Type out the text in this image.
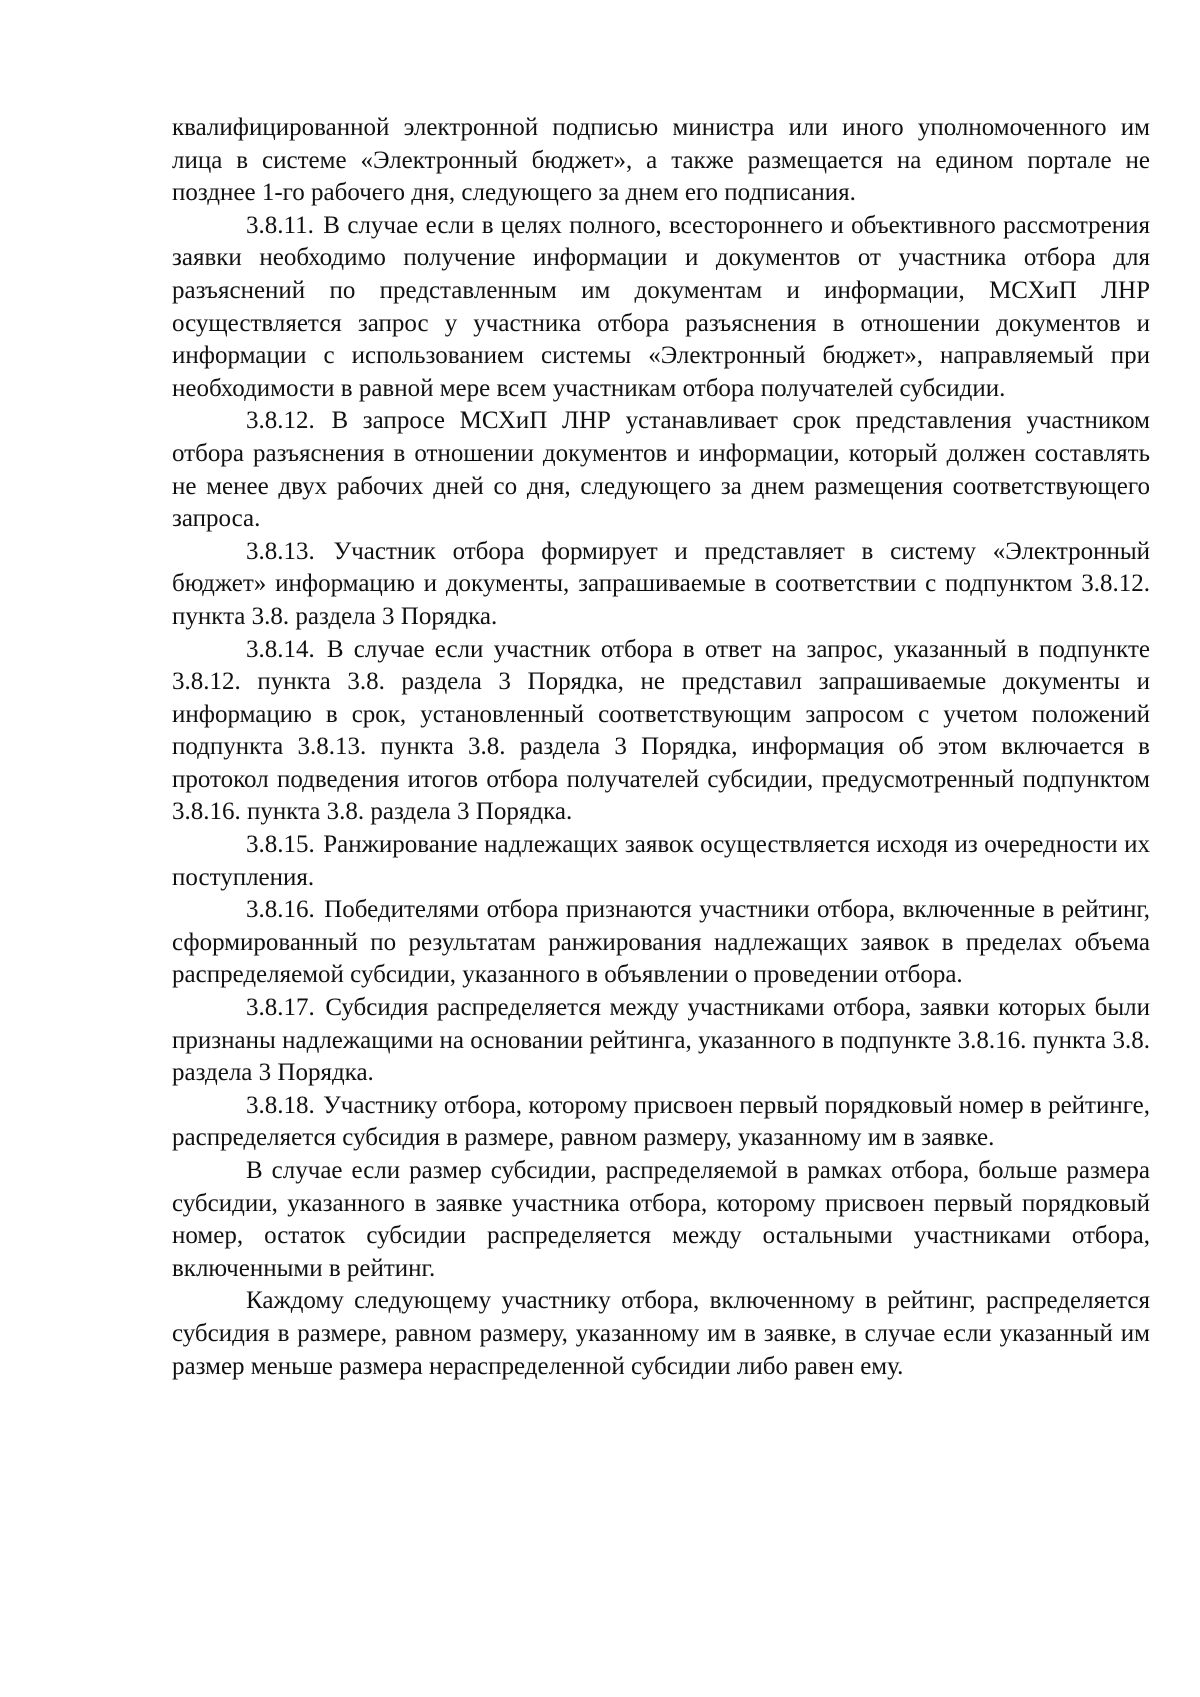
квалифицированной электронной подписью министра или иного уполномоченного им лица в системе «Электронный бюджет», а также размещается на едином портале не позднее 1-го рабочего дня, следующего за днем его подписания.

3.8.11. В случае если в целях полного, всестороннего и объективного рассмотрения заявки необходимо получение информации и документов от участника отбора для разъяснений по представленным им документам и информации, МСХиП ЛНР осуществляется запрос у участника отбора разъяснения в отношении документов и информации с использованием системы «Электронный бюджет», направляемый при необходимости в равной мере всем участникам отбора получателей субсидии.

3.8.12. В запросе МСХиП ЛНР устанавливает срок представления участником отбора разъяснения в отношении документов и информации, который должен составлять не менее двух рабочих дней со дня, следующего за днем размещения соответствующего запроса.

3.8.13. Участник отбора формирует и представляет в систему «Электронный бюджет» информацию и документы, запрашиваемые в соответствии с подпунктом 3.8.12. пункта 3.8. раздела 3 Порядка.

3.8.14. В случае если участник отбора в ответ на запрос, указанный в подпункте 3.8.12. пункта 3.8. раздела 3 Порядка, не представил запрашиваемые документы и информацию в срок, установленный соответствующим запросом с учетом положений подпункта 3.8.13. пункта 3.8. раздела 3 Порядка, информация об этом включается в протокол подведения итогов отбора получателей субсидии, предусмотренный подпунктом 3.8.16. пункта 3.8. раздела 3 Порядка.

3.8.15. Ранжирование надлежащих заявок осуществляется исходя из очередности их поступления.

3.8.16. Победителями отбора признаются участники отбора, включенные в рейтинг, сформированный по результатам ранжирования надлежащих заявок в пределах объема распределяемой субсидии, указанного в объявлении о проведении отбора.

3.8.17. Субсидия распределяется между участниками отбора, заявки которых были признаны надлежащими на основании рейтинга, указанного в подпункте 3.8.16. пункта 3.8. раздела 3 Порядка.

3.8.18. Участнику отбора, которому присвоен первый порядковый номер в рейтинге, распределяется субсидия в размере, равном размеру, указанному им в заявке.

В случае если размер субсидии, распределяемой в рамках отбора, больше размера субсидии, указанного в заявке участника отбора, которому присвоен первый порядковый номер, остаток субсидии распределяется между остальными участниками отбора, включенными в рейтинг.

Каждому следующему участнику отбора, включенному в рейтинг, распределяется субсидия в размере, равном размеру, указанному им в заявке, в случае если указанный им размер меньше размера нераспределенной субсидии либо равен ему.
